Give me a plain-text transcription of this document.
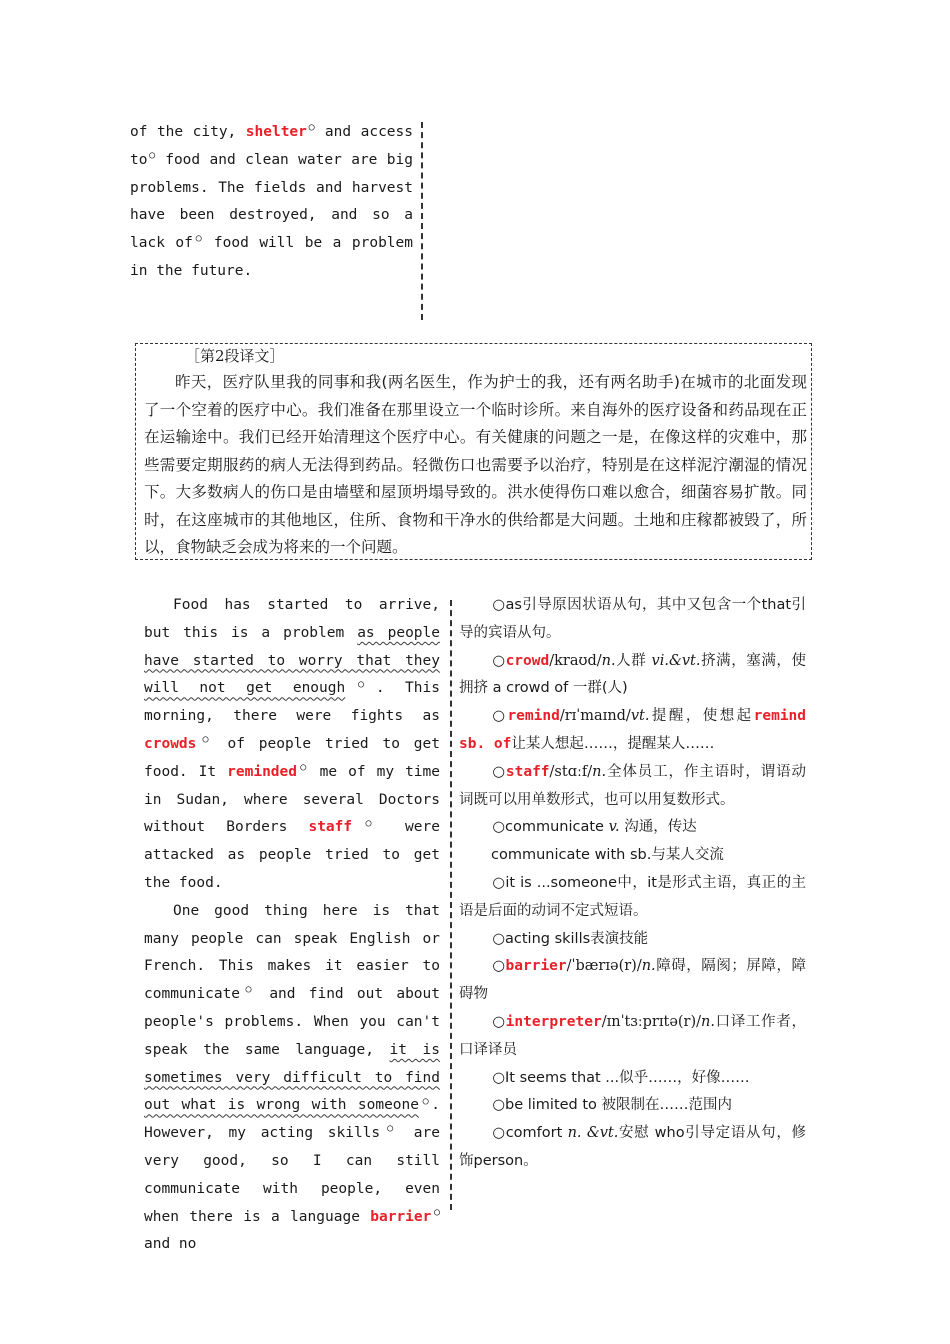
of the city, shelter○ and access to○ food and clean water are big problems. The fields and harvest have been destroyed, and so a lack of○ food will be a problem in the future.
［第2段译文］
昨天，医疗队里我的同事和我(两名医生，作为护士的我，还有两名助手)在城市的北面发现了一个空着的医疗中心。我们准备在那里设立一个临时诊所。来自海外的医疗设备和药品现在正在运输途中。我们已经开始清理这个医疗中心。有关健康的问题之一是，在像这样的灾难中，那些需要定期服药的病人无法得到药品。轻微伤口也需要予以治疗，特别是在这样泥泞潮湿的情况下。大多数病人的伤口是由墙壁和屋顶坍塌导致的。洪水使得伤口难以愈合，细菌容易扩散。同时，在这座城市的其他地区，住所、食物和干净水的供给都是大问题。土地和庄稼都被毁了，所以，食物缺乏会成为将来的一个问题。

Food has started to arrive, but this is a problem as people have started to worry that they will not get enough○. This morning, there were fights as crowds○ of people tried to get food. It reminded○ me of my time in Sudan, where several Doctors without Borders staff○ were attacked as people tried to get the food.

One good thing here is that many people can speak English or French. This makes it easier to communicate○ and find out about people's problems. When you can't speak the same language, it is sometimes very difficult to find out what is wrong with someone○. However, my acting skills○ are very good, so I can still communicate with people, even when there is a language barrier○ and no

○as引导原因状语从句，其中又包含一个that引导的宾语从句。

○crowd/kraʊd/n.人群 vi.&vt.挤满，塞满，使拥挤 a crowd of 一群(人)

○remind/rɪˈmaɪnd/vt.提醒，使想起remind sb. of让某人想起……，提醒某人……

○staff/stɑːf/n.全体员工，作主语时，谓语动词既可以用单数形式，也可以用复数形式。

○communicate v. 沟通，传达

communicate with sb.与某人交流

○it is ...someone中，it是形式主语，真正的主语是后面的动词不定式短语。

○acting skills表演技能

○barrier/ˈbærɪə(r)/n.障碍，隔阂；屏障，障碍物

○interpreter/ɪnˈtɜːprɪtə(r)/n.口译工作者，口译译员

○It seems that ...似乎……，好像……

○be limited to 被限制在……范围内

○comfort n. &vt.安慰 who引导定语从句，修饰person。
